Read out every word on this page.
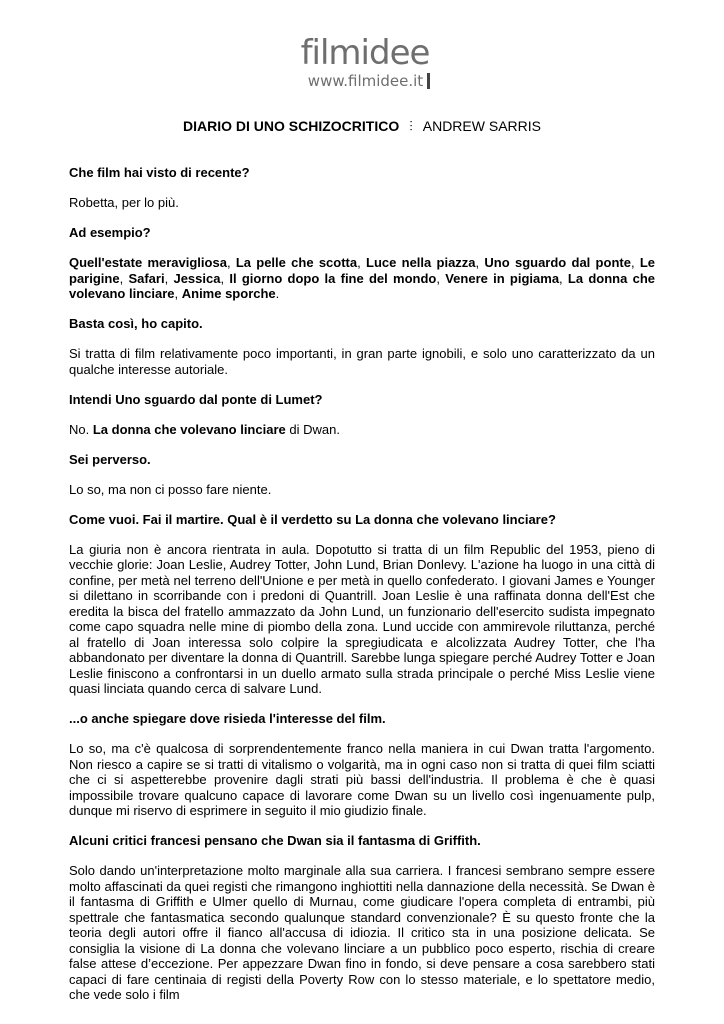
filmidee
www.filmidee.it
DIARIO DI UNO SCHIZOCRITICO ⫶ ANDREW SARRIS

Che film hai visto di recente?

Robetta, per lo più.

Ad esempio?

Quell'estate meravigliosa, La pelle che scotta, Luce nella piazza, Uno sguardo dal ponte, Le parigine, Safari, Jessica, Il giorno dopo la fine del mondo, Venere in pigiama, La donna che volevano linciare, Anime sporche.

Basta così, ho capito.

Si tratta di film relativamente poco importanti, in gran parte ignobili, e solo uno caratterizzato da un qualche interesse autoriale.

Intendi Uno sguardo dal ponte di Lumet?

No. La donna che volevano linciare di Dwan.

Sei perverso.

Lo so, ma non ci posso fare niente.

Come vuoi. Fai il martire. Qual è il verdetto su La donna che volevano linciare?

La giuria non è ancora rientrata in aula. Dopotutto si tratta di un film Republic del 1953, pieno di vecchie glorie: Joan Leslie, Audrey Totter, John Lund, Brian Donlevy. L'azione ha luogo in una città di confine, per metà nel terreno dell'Unione e per metà in quello confederato. I giovani James e Younger si dilettano in scorribande con i predoni di Quantrill. Joan Leslie è una raffinata donna dell'Est che eredita la bisca del fratello ammazzato da John Lund, un funzionario dell'esercito sudista impegnato come capo squadra nelle mine di piombo della zona. Lund uccide con ammirevole riluttanza, perché al fratello di Joan interessa solo colpire la spregiudicata e alcolizzata Audrey Totter, che l'ha abbandonato per diventare la donna di Quantrill. Sarebbe lunga spiegare perché Audrey Totter e Joan Leslie finiscono a confrontarsi in un duello armato sulla strada principale o perché Miss Leslie viene quasi linciata quando cerca di salvare Lund.

...o anche spiegare dove risieda l'interesse del film.

Lo so, ma c'è qualcosa di sorprendentemente franco nella maniera in cui Dwan tratta l'argomento. Non riesco a capire se si tratti di vitalismo o volgarità, ma in ogni caso non si tratta di quei film sciatti che ci si aspetterebbe provenire dagli strati più bassi dell'industria. Il problema è che è quasi impossibile trovare qualcuno capace di lavorare come Dwan su un livello così ingenuamente pulp, dunque mi riservo di esprimere in seguito il mio giudizio finale.

Alcuni critici francesi pensano che Dwan sia il fantasma di Griffith.

Solo dando un'interpretazione molto marginale alla sua carriera. I francesi sembrano sempre essere molto affascinati da quei registi che rimangono inghiottiti nella dannazione della necessità. Se Dwan è il fantasma di Griffith e Ulmer quello di Murnau, come giudicare l'opera completa di entrambi, più spettrale che fantasmatica secondo qualunque standard convenzionale? È su questo fronte che la teoria degli autori offre il fianco all'accusa di idiozia. Il critico sta in una posizione delicata. Se consiglia la visione di La donna che volevano linciare a un pubblico poco esperto, rischia di creare false attese d’eccezione. Per appezzare Dwan fino in fondo, si deve pensare a cosa sarebbero stati capaci di fare centinaia di registi della Poverty Row con lo stesso materiale, e lo spettatore medio, che vede solo i film
